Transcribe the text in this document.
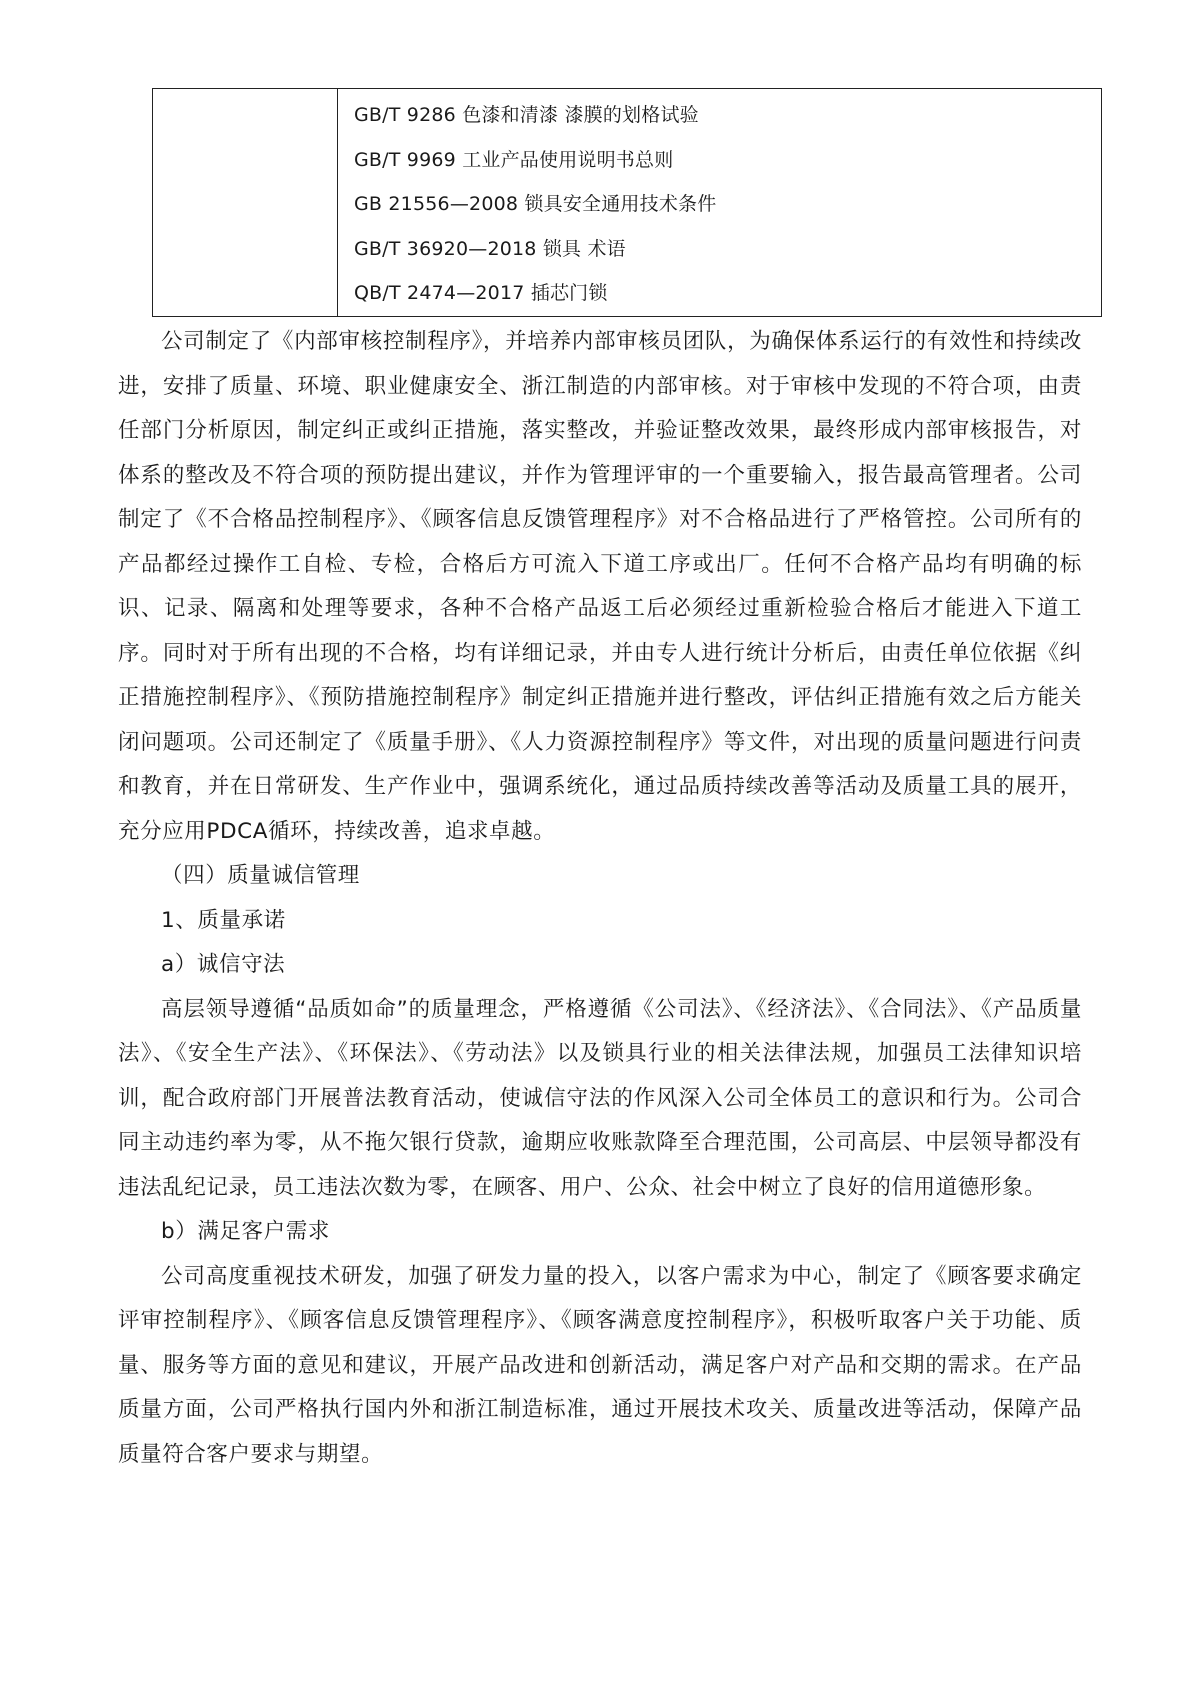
GB/T 9286 色漆和清漆 漆膜的划格试验
GB/T 9969 工业产品使用说明书总则
GB 21556—2008 锁具安全通用技术条件
GB/T 36920—2018 锁具 术语
QB/T 2474—2017 插芯门锁

公司制定了《内部审核控制程序》，并培养内部审核员团队，为确保体系运行的有效性和持续改进，安排了质量、环境、职业健康安全、浙江制造的内部审核。对于审核中发现的不符合项，由责任部门分析原因，制定纠正或纠正措施，落实整改，并验证整改效果，最终形成内部审核报告，对体系的整改及不符合项的预防提出建议，并作为管理评审的一个重要输入，报告最高管理者。公司制定了《不合格品控制程序》、《顾客信息反馈管理程序》对不合格品进行了严格管控。公司所有的产品都经过操作工自检、专检，合格后方可流入下道工序或出厂。任何不合格产品均有明确的标识、记录、隔离和处理等要求，各种不合格产品返工后必须经过重新检验合格后才能进入下道工序。同时对于所有出现的不合格，均有详细记录，并由专人进行统计分析后，由责任单位依据《纠正措施控制程序》、《预防措施控制程序》制定纠正措施并进行整改，评估纠正措施有效之后方能关闭问题项。公司还制定了《质量手册》、《人力资源控制程序》等文件，对出现的质量问题进行问责和教育，并在日常研发、生产作业中，强调系统化，通过品质持续改善等活动及质量工具的展开，充分应用PDCA循环，持续改善，追求卓越。

（四）质量诚信管理

1、质量承诺

a）诚信守法

高层领导遵循“品质如命”的质量理念，严格遵循《公司法》、《经济法》、《合同法》、《产品质量法》、《安全生产法》、《环保法》、《劳动法》以及锁具行业的相关法律法规，加强员工法律知识培训，配合政府部门开展普法教育活动，使诚信守法的作风深入公司全体员工的意识和行为。公司合同主动违约率为零，从不拖欠银行贷款，逾期应收账款降至合理范围，公司高层、中层领导都没有违法乱纪记录，员工违法次数为零，在顾客、用户、公众、社会中树立了良好的信用道德形象。

b）满足客户需求

公司高度重视技术研发，加强了研发力量的投入，以客户需求为中心，制定了《顾客要求确定评审控制程序》、《顾客信息反馈管理程序》、《顾客满意度控制程序》，积极听取客户关于功能、质量、服务等方面的意见和建议，开展产品改进和创新活动，满足客户对产品和交期的需求。在产品质量方面，公司严格执行国内外和浙江制造标准，通过开展技术攻关、质量改进等活动，保障产品质量符合客户要求与期望。
